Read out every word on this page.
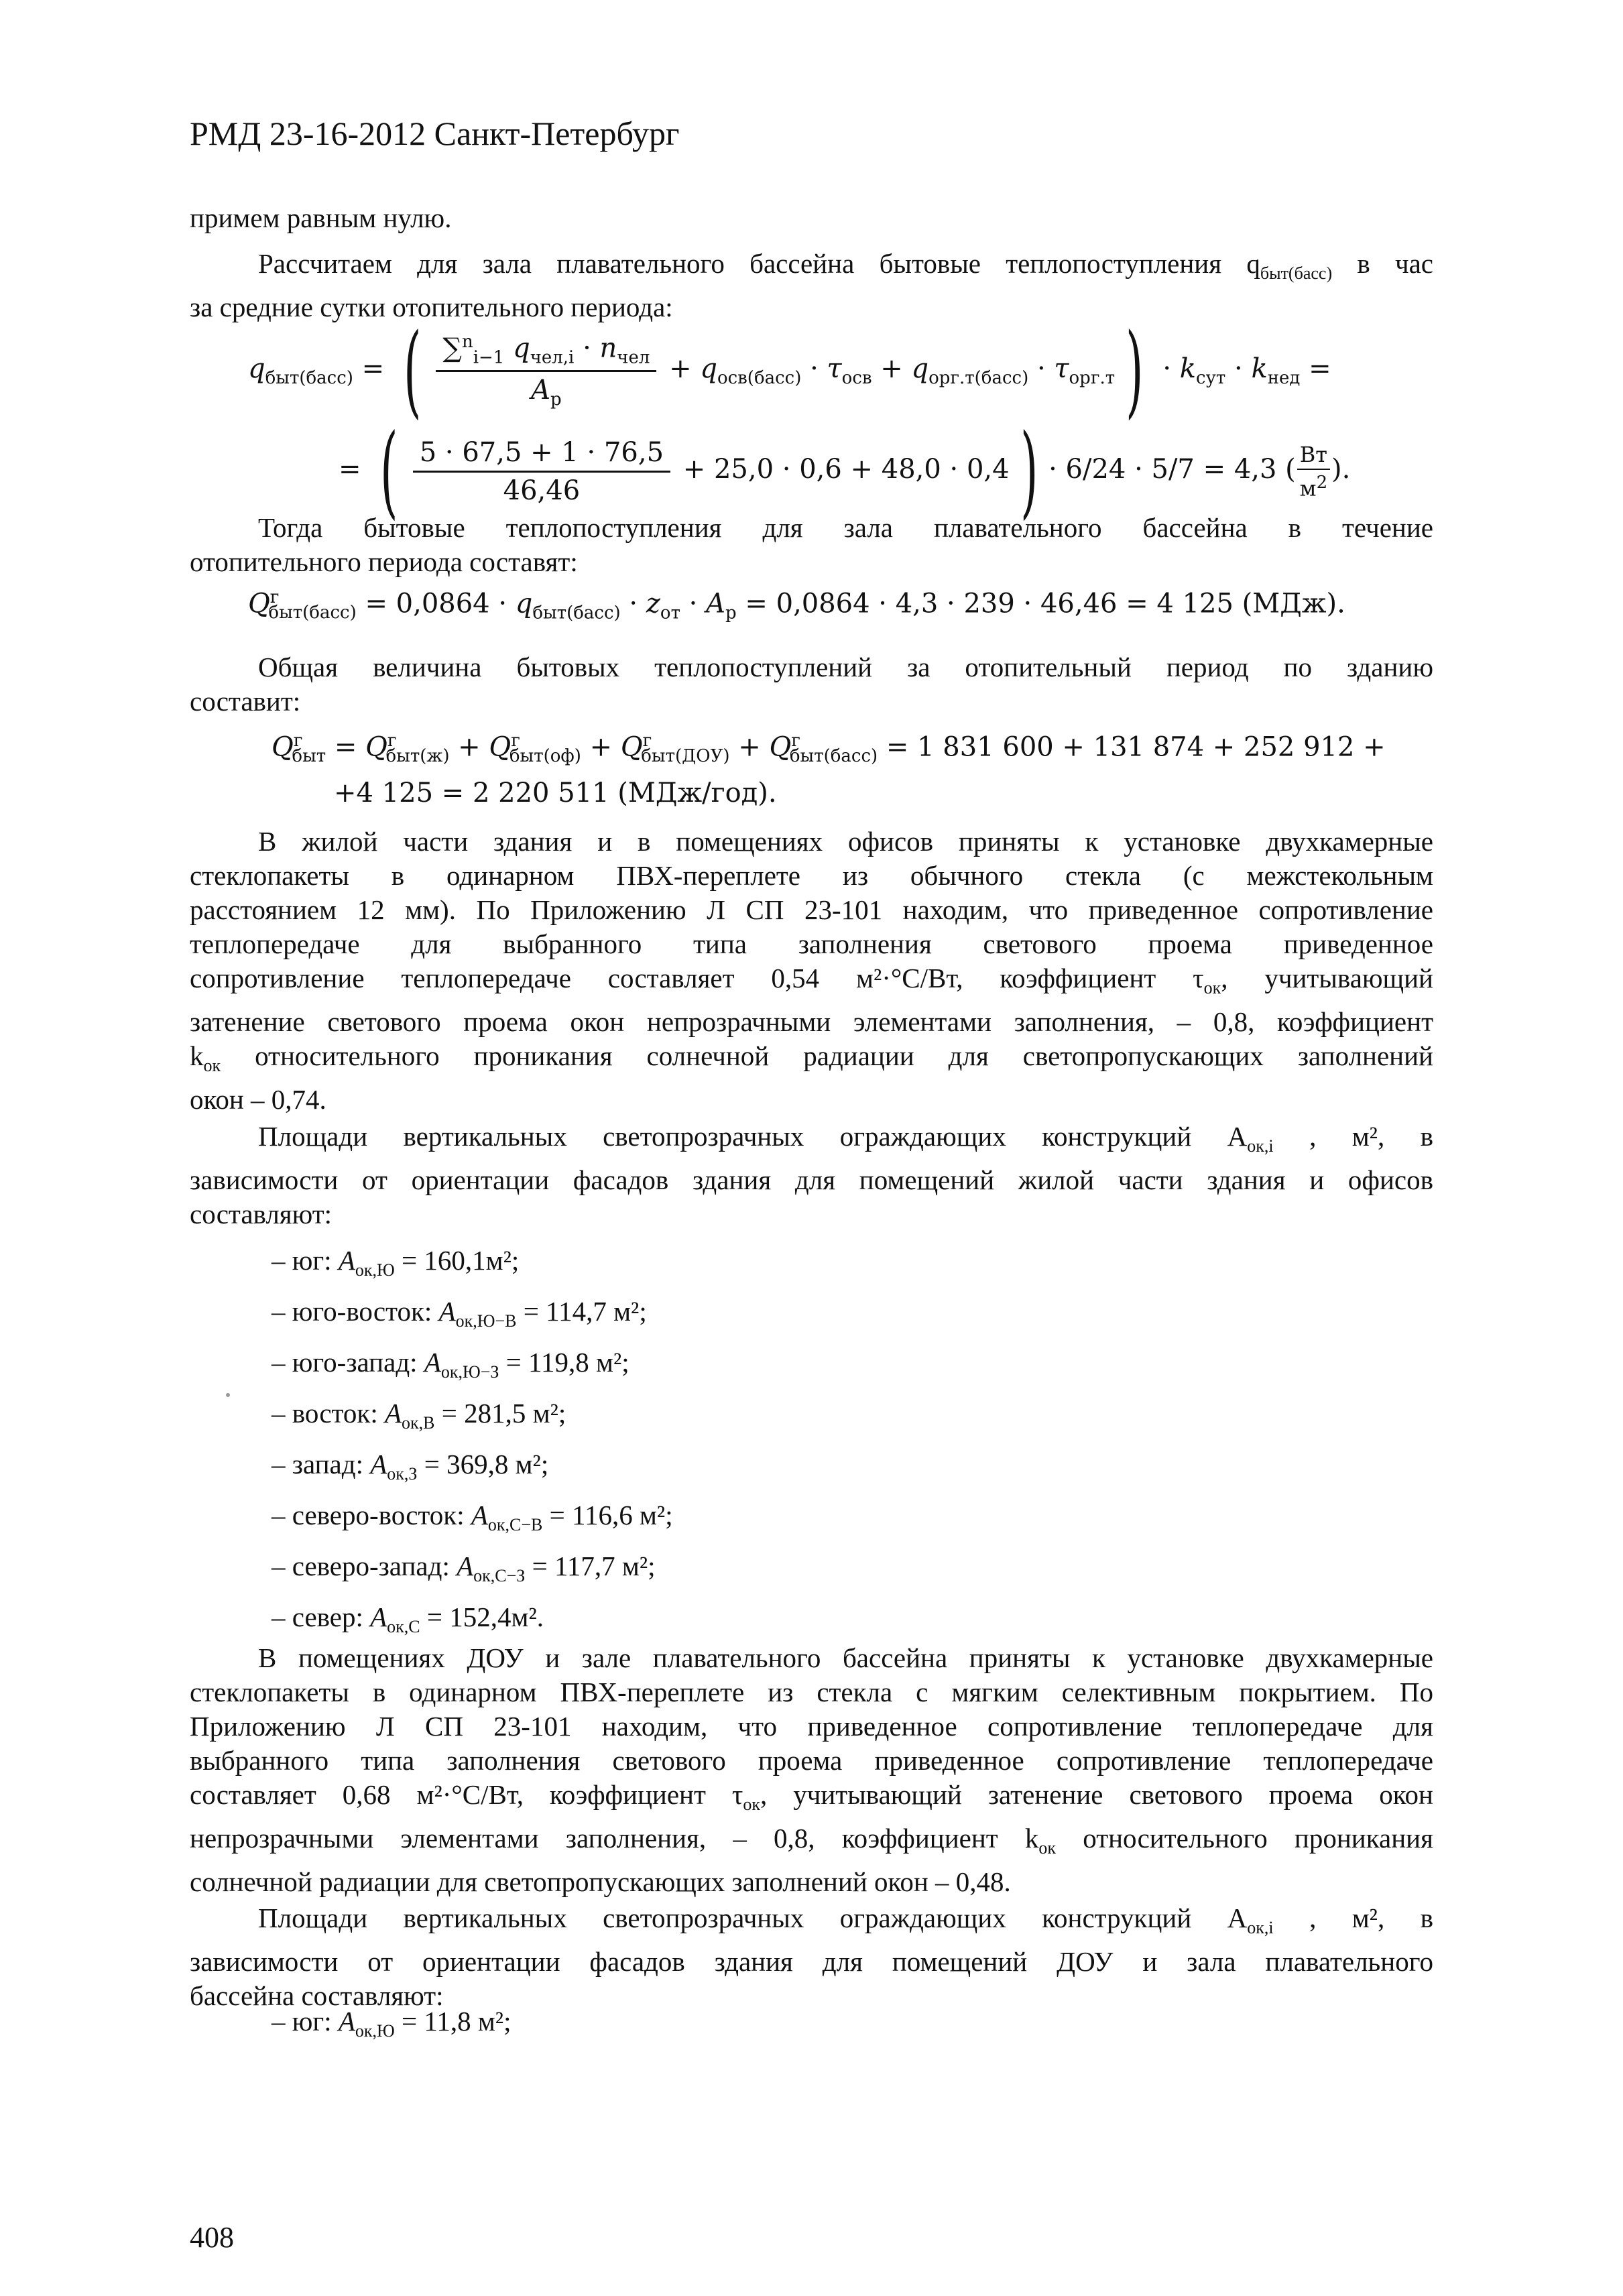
РМД 23-16-2012 Санкт-Петербург
примем равным нулю.
Рассчитаем для зала плавательного бассейна бытовые теплопоступления $q_{быт(басс)}$ в час
за средние сутки отопительного периода:
$q_{быт(басс)}$ = ( $\frac{\sum^n_{i-1} q_{чел,i} \cdot n_{чел}}{A_р} + q_{осв(басс)} \cdot \tau_{осв} + q_{орг.т(басс)} \cdot \tau_{орг.т}$ ) · $k_{сут} \cdot k_{нед}$ =
= ( $\frac{5 \cdot 67,5 + 1 \cdot 76,5}{46,46} + 25,0 \cdot 0,6 + 48,0 \cdot 0,4$ ) · 6/24 · 5/7 = 4,3 ( $\frac{Вт}{м^2}$ ).
Тогда бытовые теплопоступления для зала плавательного бассейна в течение
отопительного периода составят:
$Q^г_{быт(басс)} = 0,0864 \cdot q_{быт(басс)} \cdot z_{от} \cdot A_р = 0,0864 \cdot 4,3 \cdot 239 \cdot 46,46 = 4$ 125 (МДж).
Общая величина бытовых теплопоступлений за отопительный период по зданию
составит:
$Q^г_{быт} = Q^г_{быт(ж)} + Q^г_{быт(оф)} + Q^г_{быт(ДОУ)} + Q^г_{быт(басс)} = 1$ 831 600 + 131 874 + 252 912 +
+4 125 = 2 220 511 (МДж/год).
В жилой части здания и в помещениях офисов приняты к установке двухкамерные
стеклопакеты в одинарном ПВХ-переплете из обычного стекла (с межстекольным
расстоянием 12 мм). По Приложению Л СП 23-101 находим, что приведенное сопротивление
теплопередаче для выбранного типа заполнения светового проема приведенное
сопротивление теплопередаче составляет 0,54 м²·°С/Вт, коэффициент $\tau_{ок}$, учитывающий
затенение светового проема окон непрозрачными элементами заполнения, – 0,8, коэффициент
$k_{ок}$ относительного проникания солнечной радиации для светопропускающих заполнений
окон – 0,74.
Площади вертикальных светопрозрачных ограждающих конструкций $A_{ок,i}$ , м², в
зависимости от ориентации фасадов здания для помещений жилой части здания и офисов
составляют:
– юг: $A_{ок,Ю} = 160,1м^2$;
– юго-восток: $A_{ок,Ю-В} = 114,7$ м²;
– юго-запад: $A_{ок,Ю-З} = 119,8$ м²;
– восток: $A_{ок,В} = 281,5$ м²;
– запад: $A_{ок,З} = 369,8$ м²;
– северо-восток: $A_{ок,С-В} = 116,6$ м²;
– северо-запад: $A_{ок,С-З} = 117,7$ м²;
– север: $A_{ок,С} = 152,4м^2$.
В помещениях ДОУ и зале плавательного бассейна приняты к установке двухкамерные
стеклопакеты в одинарном ПВХ-переплете из стекла с мягким селективным покрытием. По
Приложению Л СП 23-101 находим, что приведенное сопротивление теплопередаче для
выбранного типа заполнения светового проема приведенное сопротивление теплопередаче
составляет 0,68 м²·°С/Вт, коэффициент $\tau_{ок}$, учитывающий затенение светового проема окон
непрозрачными элементами заполнения, – 0,8, коэффициент $k_{ок}$ относительного проникания
солнечной радиации для светопропускающих заполнений окон – 0,48.
Площади вертикальных светопрозрачных ограждающих конструкций $A_{ок,i}$ , м², в
зависимости от ориентации фасадов здания для помещений ДОУ и зала плавательного
бассейна составляют:
– юг: $A_{ок,Ю} = 11,8$ м²;
408
